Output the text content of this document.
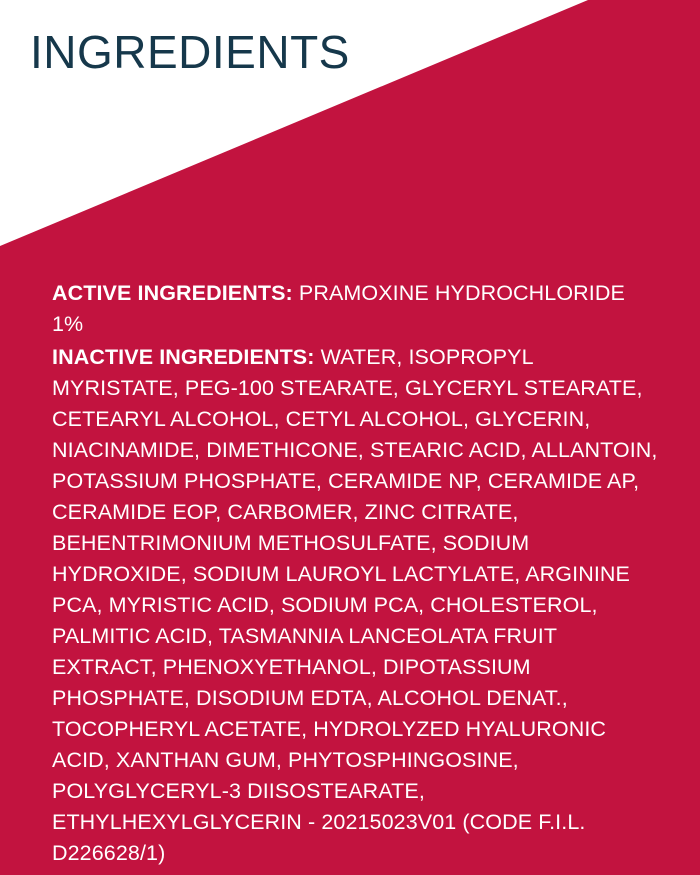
INGREDIENTS

ACTIVE INGREDIENTS: PRAMOXINE HYDROCHLORIDE 1%

INACTIVE INGREDIENTS: WATER, ISOPROPYL MYRISTATE, PEG-100 STEARATE, GLYCERYL STEARATE, CETEARYL ALCOHOL, CETYL ALCOHOL, GLYCERIN, NIACINAMIDE, DIMETHICONE, STEARIC ACID, ALLANTOIN, POTASSIUM PHOSPHATE, CERAMIDE NP, CERAMIDE AP, CERAMIDE EOP, CARBOMER, ZINC CITRATE, BEHENTRIMONIUM METHOSULFATE, SODIUM HYDROXIDE, SODIUM LAUROYL LACTYLATE, ARGININE PCA, MYRISTIC ACID, SODIUM PCA, CHOLESTEROL, PALMITIC ACID, TASMANNIA LANCEOLATA FRUIT EXTRACT, PHENOXYETHANOL, DIPOTASSIUM PHOSPHATE, DISODIUM EDTA, ALCOHOL DENAT., TOCOPHERYL ACETATE, HYDROLYZED HYALURONIC ACID, XANTHAN GUM, PHYTOSPHINGOSINE, POLYGLYCERYL-3 DIISOSTEARATE, ETHYLHEXYLGLYCERIN - 20215023V01 (CODE F.I.L. D226628/1)
